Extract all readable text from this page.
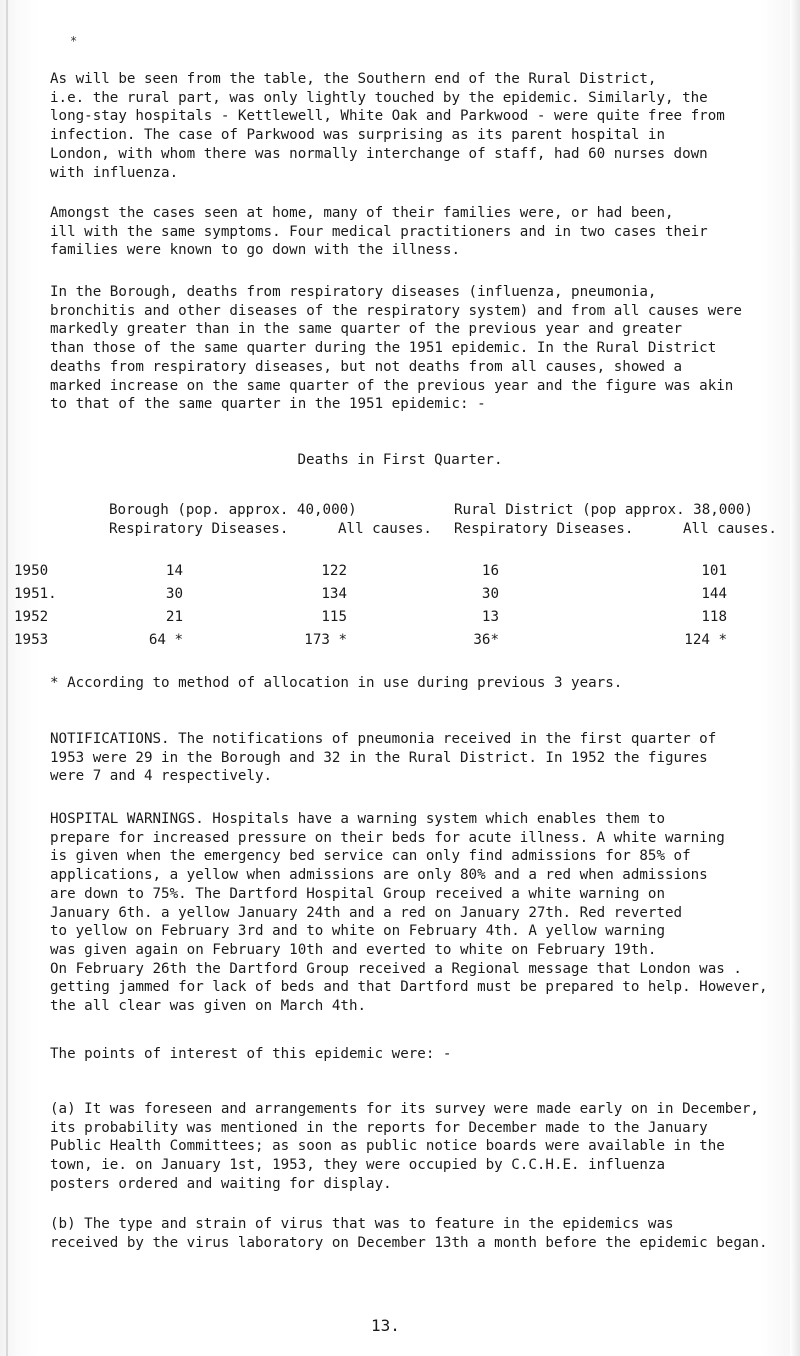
*

As will be seen from the table, the Southern end of the Rural District,
i.e. the rural part, was only lightly touched by the epidemic. Similarly, the
long-stay hospitals - Kettlewell, White Oak and Parkwood - were quite free from
infection. The case of Parkwood was surprising as its parent hospital in
London, with whom there was normally interchange of staff, had 60 nurses down
with influenza.

Amongst the cases seen at home, many of their families were, or had been,
ill with the same symptoms. Four medical practitioners and in two cases their
families were known to go down with the illness.

In the Borough, deaths from respiratory diseases (influenza, pneumonia,
bronchitis and other diseases of the respiratory system) and from all causes were
markedly greater than in the same quarter of the previous year and greater
than those of the same quarter during the 1951 epidemic. In the Rural District
deaths from respiratory diseases, but not deaths from all causes, showed a
marked increase on the same quarter of the previous year and the figure was akin
to that of the same quarter in the 1951 epidemic: -

Deaths in First Quarter.
Borough (pop. approx. 40,000)	Rural District (pop approx. 38,000)
Respiratory Diseases.	All causes. Respiratory Diseases.	All causes.
1950	14	122	16	101
1951.	30	134	30	144
1952	21	115	13	118
1953	64 *	173 *	36*	124 *
* According to method of allocation in use during previous 3 years.

NOTIFICATIONS. The notifications of pneumonia received in the first quarter of
1953 were 29 in the Borough and 32 in the Rural District. In 1952 the figures
were 7 and 4 respectively.

HOSPITAL WARNINGS. Hospitals have a warning system which enables them to
prepare for increased pressure on their beds for acute illness. A white warning
is given when the emergency bed service can only find admissions for 85% of
applications, a yellow when admissions are only 80% and a red when admissions
are down to 75%. The Dartford Hospital Group received a white warning on
January 6th. a yellow January 24th and a red on January 27th. Red reverted
to yellow on February 3rd and to white on February 4th. A yellow warning
was given again on February 10th and everted to white on February 19th.
On February 26th the Dartford Group received a Regional message that London was .
getting jammed for lack of beds and that Dartford must be prepared to help. However,
the all clear was given on March 4th.

The points of interest of this epidemic were: -

(a) It was foreseen and arrangements for its survey were made early on in December,
its probability was mentioned in the reports for December made to the January
Public Health Committees; as soon as public notice boards were available in the
town, ie. on January 1st, 1953, they were occupied by C.C.H.E. influenza
posters ordered and waiting for display.

(b) The type and strain of virus that was to feature in the epidemics was
received by the virus laboratory on December 13th a month before the epidemic began.

13.
